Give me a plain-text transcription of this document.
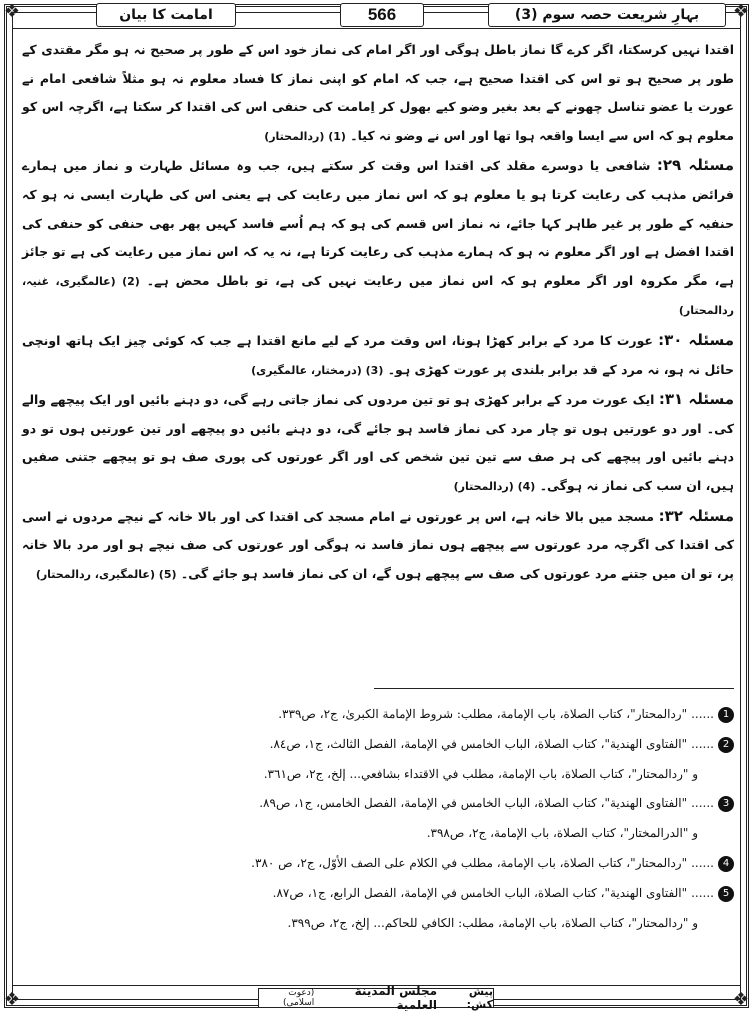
❖	❖
❖	❖
بہارِ شریعت حصہ سوم (3)
566
امامت کا بیان

اقتدا نہیں کرسکتا، اگر کرے گا نماز باطل ہوگی اور اگر امام کی نماز خود اس کے طور پر صحیح نہ ہو مگر مقتدی کے طور پر صحیح ہو تو اس کی اقتدا صحیح ہے، جب کہ امام کو اپنی نماز کا فساد معلوم نہ ہو مثلاً شافعی امام نے عورت یا عضو تناسل چھونے کے بعد بغیر وضو کیے بھول کر اِمامت کی حنفی اس کی اقتدا کر سکتا ہے، اگرچہ اس کو معلوم ہو کہ اس سے ایسا واقعہ ہوا تھا اور اس نے وضو نہ کیا۔ (1) (ردالمحتار)

مسئلہ ۲۹: شافعی یا دوسرے مقلد کی اقتدا اس وقت کر سکتے ہیں، جب وہ مسائل طہارت و نماز میں ہمارے فرائض مذہب کی رعایت کرتا ہو یا معلوم ہو کہ اس نماز میں رعایت کی ہے یعنی اس کی طہارت ایسی نہ ہو کہ حنفیہ کے طور پر غیر طاہر کہا جائے، نہ نماز اس قسم کی ہو کہ ہم اُسے فاسد کہیں پھر بھی حنفی کو حنفی کی اقتدا افضل ہے اور اگر معلوم نہ ہو کہ ہمارے مذہب کی رعایت کرتا ہے، نہ یہ کہ اس نماز میں رعایت کی ہے تو جائز ہے، مگر مکروہ اور اگر معلوم ہو کہ اس نماز میں رعایت نہیں کی ہے، تو باطل محض ہے۔ (2) (عالمگیری، غنیہ، ردالمحتار)

مسئلہ ۳۰: عورت کا مرد کے برابر کھڑا ہونا، اس وقت مرد کے لیے مانع اقتدا ہے جب کہ کوئی چیز ایک ہاتھ اونچی حائل نہ ہو، نہ مرد کے قد برابر بلندی پر عورت کھڑی ہو۔ (3) (درمختار، عالمگیری)

مسئلہ ۳۱: ایک عورت مرد کے برابر کھڑی ہو تو تین مردوں کی نماز جاتی رہے گی، دو دہنے بائیں اور ایک پیچھے والے کی۔ اور دو عورتیں ہوں تو چار مرد کی نماز فاسد ہو جائے گی، دو دہنے بائیں دو پیچھے اور تین عورتیں ہوں تو دو دہنے بائیں اور پیچھے کی ہر صف سے تین تین شخص کی اور اگر عورتوں کی پوری صف ہو تو پیچھے جتنی صفیں ہیں، ان سب کی نماز نہ ہوگی۔ (4) (ردالمحتار)

مسئلہ ۳۲: مسجد میں بالا خانہ ہے، اس پر عورتوں نے امام مسجد کی اقتدا کی اور بالا خانہ کے نیچے مردوں نے اسی کی اقتدا کی اگرچہ مرد عورتوں سے پیچھے ہوں نماز فاسد نہ ہوگی اور عورتوں کی صف نیچے ہو اور مرد بالا خانہ پر، تو ان میں جتنے مرد عورتوں کی صف سے پیچھے ہوں گے، ان کی نماز فاسد ہو جائے گی۔ (5) (عالمگیری، ردالمحتار)

1
......
"ردالمحتار"، كتاب الصلاة، باب الإمامة، مطلب: شروط الإمامة الكبرىٰ، ج٢، ص٣٣٩.
2
......
"الفتاوى الهندية"، كتاب الصلاة، الباب الخامس في الإمامة، الفصل الثالث، ج١، ص٨٤.
و "ردالمحتار"، كتاب الصلاة، باب الإمامة، مطلب في الاقتداء بشافعي... إلخ، ج٢، ص٣٦١.
3
......
"الفتاوى الهندية"، كتاب الصلاة، الباب الخامس في الإمامة، الفصل الخامس، ج١، ص٨٩.
و "الدرالمختار"، كتاب الصلاة، باب الإمامة، ج٢، ص٣٩٨.
4
......
"ردالمحتار"، كتاب الصلاة، باب الإمامة، مطلب في الكلام على الصف الأوّل، ج٢، ص ٣٨٠.
5
......
"الفتاوى الهندية"، كتاب الصلاة، الباب الخامس في الإمامة، الفصل الرابع، ج١، ص٨٧.
و "ردالمحتار"، كتاب الصلاة، باب الإمامة، مطلب: الكافي للحاكم... إلخ، ج٢، ص٣٩٩.
پیش کش:
مجلس المدينة العلمية
(دعوت اسلامی)
